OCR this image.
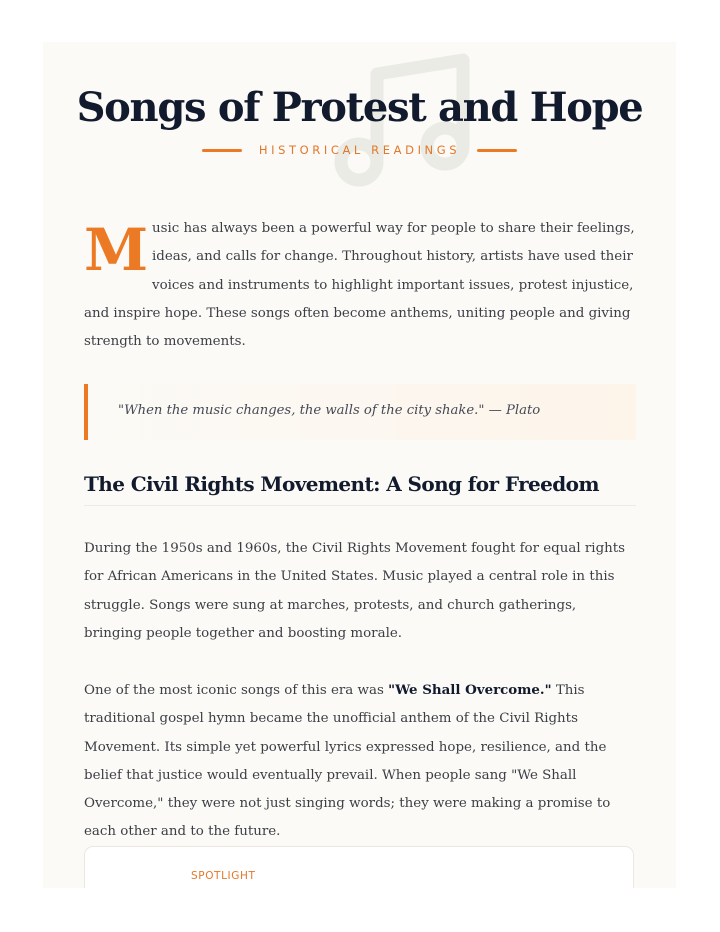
Songs of Protest and Hope
HISTORICAL READINGS

Music has always been a powerful way for people to share their feelings, ideas, and calls for change. Throughout history, artists have used their voices and instruments to highlight important issues, protest injustice, and inspire hope. These songs often become anthems, uniting people and giving strength to movements.

"When the music changes, the walls of the city shake." — Plato
The Civil Rights Movement: A Song for Freedom

During the 1950s and 1960s, the Civil Rights Movement fought for equal rights for African Americans in the United States. Music played a central role in this struggle. Songs were sung at marches, protests, and church gatherings, bringing people together and boosting morale.

One of the most iconic songs of this era was "We Shall Overcome." This traditional gospel hymn became the unofficial anthem of the Civil Rights Movement. Its simple yet powerful lyrics expressed hope, resilience, and the belief that justice would eventually prevail. When people sang "We Shall Overcome," they were not just singing words; they were making a promise to each other and to the future.

SPOTLIGHT
